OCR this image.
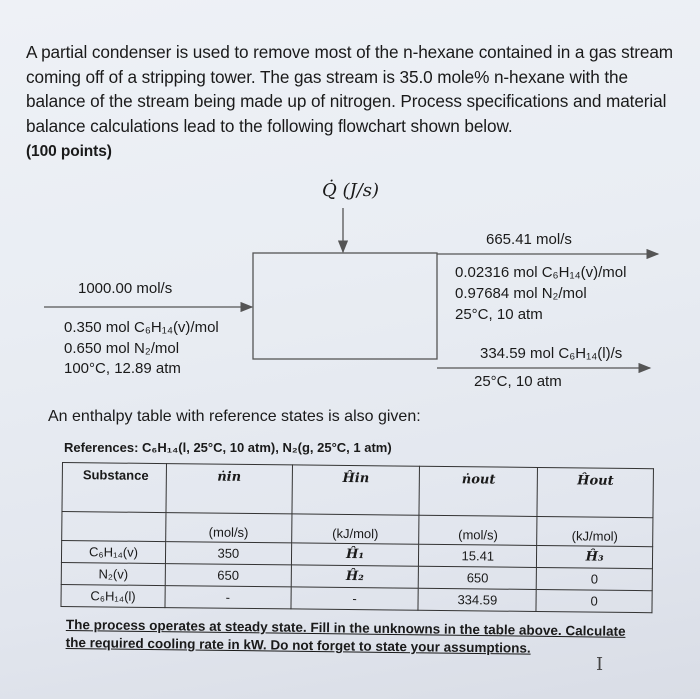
A partial condenser is used to remove most of the n-hexane contained in a gas stream coming off of a stripping tower. The gas stream is 35.0 mole% n-hexane with the balance of the stream being made up of nitrogen. Process specifications and material balance calculations lead to the following flowchart shown below.
(100 points)
Q̇ (J/s)
1000.00 mol/s
0.350 mol C₆H₁₄(v)/mol
0.650 mol N₂/mol
100°C, 12.89 atm
665.41 mol/s
0.02316 mol C₆H₁₄(v)/mol
0.97684 mol N₂/mol
25°C, 10 atm
334.59 mol C₆H₁₄(l)/s
25°C, 10 atm
An enthalpy table with reference states is also given:
References: C₆H₁₄(l, 25°C, 10 atm), N₂(g, 25°C, 1 atm)
Substance	ṅin	Ĥin	ṅout	Ĥout
	(mol/s)	(kJ/mol)	(mol/s)	(kJ/mol)
C₆H₁₄(v)	350	Ĥ₁	15.41	Ĥ₃
N₂(v)	650	Ĥ₂	650	0
C₆H₁₄(l)	-	-	334.59	0
The process operates at steady state. Fill in the unknowns in the table above. Calculate the required cooling rate in kW. Do not forget to state your assumptions.
I
